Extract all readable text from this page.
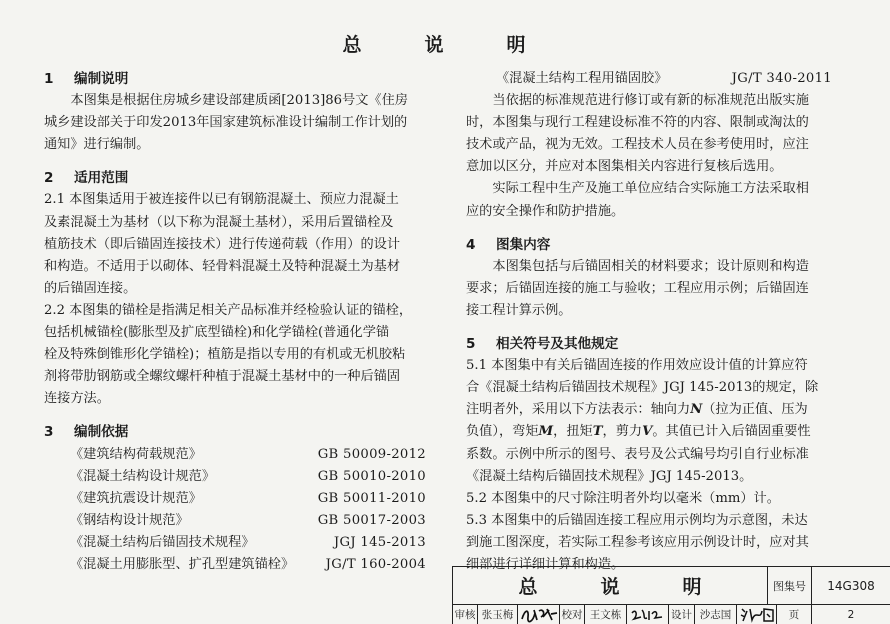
总　说　明
1 编制说明
本图集是根据住房城乡建设部建质函[2013]86号文《住房
城乡建设部关于印发2013年国家建筑标准设计编制工作计划的
通知》进行编制。
2 适用范围
2.1 本图集适用于被连接件以已有钢筋混凝土、预应力混凝土
及素混凝土为基材（以下称为混凝土基材），采用后置锚栓及
植筋技术（即后锚固连接技术）进行传递荷载（作用）的设计
和构造。不适用于以砌体、轻骨料混凝土及特种混凝土为基材
的后锚固连接。
2.2 本图集的锚栓是指满足相关产品标准并经检验认证的锚栓，
包括机械锚栓(膨胀型及扩底型锚栓)和化学锚栓(普通化学锚
栓及特殊倒锥形化学锚栓)；植筋是指以专用的有机或无机胶粘
剂将带肋钢筋或全螺纹螺杆种植于混凝土基材中的一种后锚固
连接方法。
3 编制依据
《建筑结构荷载规范》	GB 50009-2012
《混凝土结构设计规范》	GB 50010-2010
《建筑抗震设计规范》	GB 50011-2010
《钢结构设计规范》	GB 50017-2003
《混凝土结构后锚固技术规程》	JGJ 145-2013
《混凝土用膨胀型、扩孔型建筑锚栓》 JG/T 160-2004
《混凝土结构工程用锚固胶》	JG/T 340-2011
当依据的标准规范进行修订或有新的标准规范出版实施
时，本图集与现行工程建设标准不符的内容、限制或淘汰的
技术或产品，视为无效。工程技术人员在参考使用时，应注
意加以区分，并应对本图集相关内容进行复核后选用。
实际工程中生产及施工单位应结合实际施工方法采取相
应的安全操作和防护措施。
4 图集内容
本图集包括与后锚固相关的材料要求；设计原则和构造
要求；后锚固连接的施工与验收；工程应用示例；后锚固连
接工程计算示例。
5 相关符号及其他规定
5.1 本图集中有关后锚固连接的作用效应设计值的计算应符
合《混凝土结构后锚固技术规程》JGJ 145-2013的规定，除
注明者外，采用以下方法表示：轴向力N（拉为正值、压为
负值），弯矩M，扭矩T，剪力V。其值已计入后锚固重要性
系数。示例中所示的图号、表号及公式编号均引自行业标准
《混凝土结构后锚固技术规程》JGJ 145-2013。
5.2 本图集中的尺寸除注明者外均以毫米（mm）计。
5.3 本图集中的后锚固连接工程应用示例均为示意图，未达
到施工图深度，若实际工程参考该应用示例设计时，应对其
细部进行详细计算和构造。
总　说　明	图集号	14G308
审核 张玉梅	校对 王文栋	设计 沙志国	页	2
